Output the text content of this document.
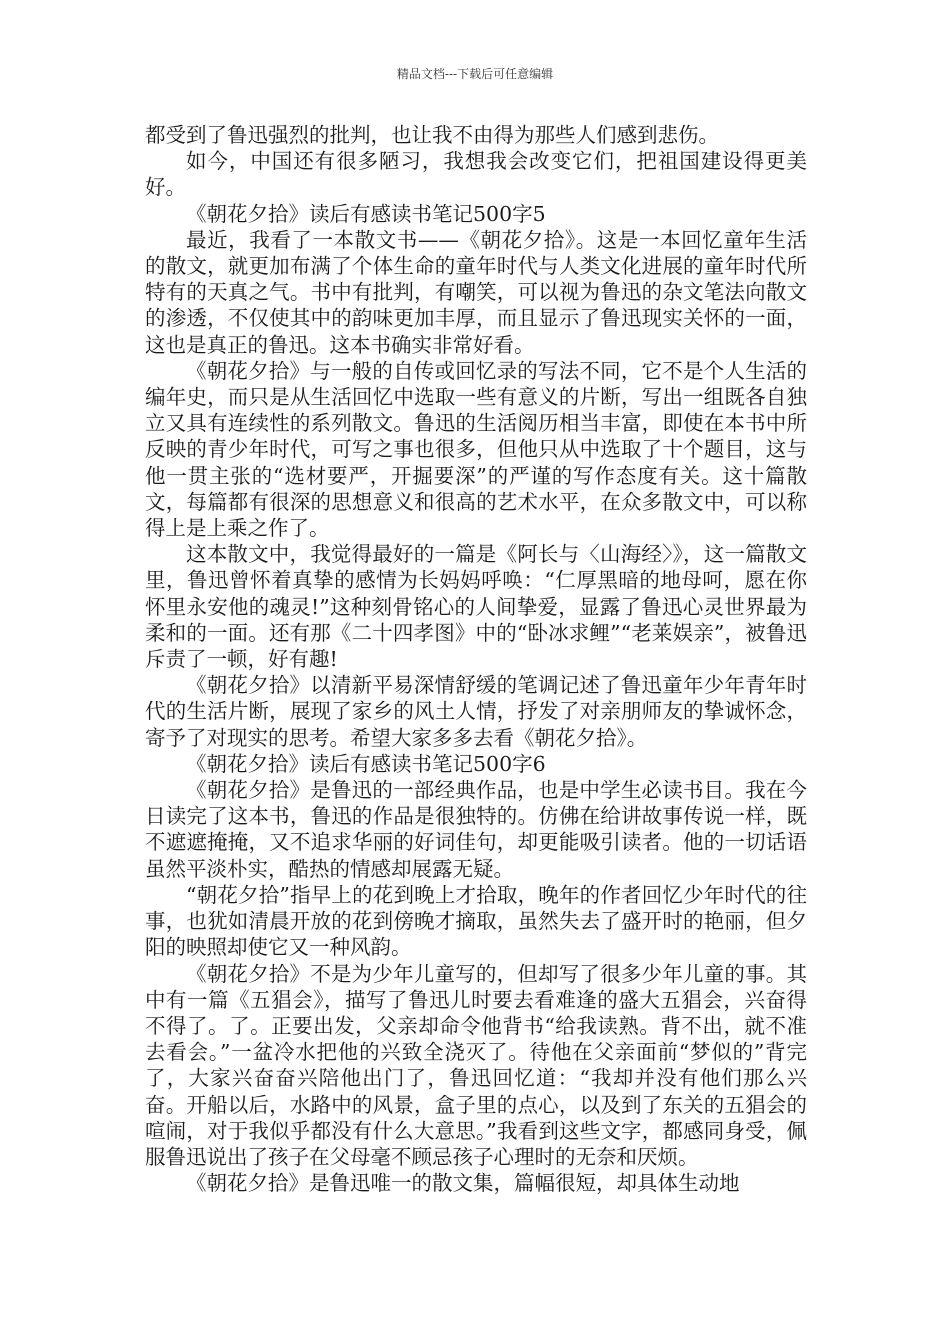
精品文档---下载后可任意编辑

都受到了鲁迅强烈的批判，也让我不由得为那些人们感到悲伤。

如今，中国还有很多陋习，我想我会改变它们，把祖国建设得更美好。

《朝花夕拾》读后有感读书笔记500字5

最近，我看了一本散文书——《朝花夕拾》。这是一本回忆童年生活的散文，就更加布满了个体生命的童年时代与人类文化进展的童年时代所特有的天真之气。书中有批判，有嘲笑，可以视为鲁迅的杂文笔法向散文的渗透，不仅使其中的韵味更加丰厚，而且显示了鲁迅现实关怀的一面，这也是真正的鲁迅。这本书确实非常好看。

《朝花夕拾》与一般的自传或回忆录的写法不同，它不是个人生活的编年史，而只是从生活回忆中选取一些有意义的片断，写出一组既各自独立又具有连续性的系列散文。鲁迅的生活阅历相当丰富，即使在本书中所反映的青少年时代，可写之事也很多，但他只从中选取了十个题目，这与他一贯主张的“选材要严，开掘要深”的严谨的写作态度有关。这十篇散文，每篇都有很深的思想意义和很高的艺术水平，在众多散文中，可以称得上是上乘之作了。

这本散文中，我觉得最好的一篇是《阿长与〈山海经〉》，这一篇散文里，鲁迅曾怀着真挚的感情为长妈妈呼唤：“仁厚黑暗的地母呵，愿在你怀里永安他的魂灵!”这种刻骨铭心的人间挚爱，显露了鲁迅心灵世界最为柔和的一面。还有那《二十四孝图》中的“卧冰求鲤”“老莱娱亲”，被鲁迅斥责了一顿，好有趣!

《朝花夕拾》以清新平易深情舒缓的笔调记述了鲁迅童年少年青年时代的生活片断，展现了家乡的风土人情，抒发了对亲朋师友的挚诚怀念，寄予了对现实的思考。希望大家多多去看《朝花夕拾》。

《朝花夕拾》读后有感读书笔记500字6

《朝花夕拾》是鲁迅的一部经典作品，也是中学生必读书目。我在今日读完了这本书，鲁迅的作品是很独特的。仿佛在给讲故事传说一样，既不遮遮掩掩，又不追求华丽的好词佳句，却更能吸引读者。他的一切话语虽然平淡朴实，酷热的情感却展露无疑。

“朝花夕拾”指早上的花到晚上才拾取，晚年的作者回忆少年时代的往事，也犹如清晨开放的花到傍晚才摘取，虽然失去了盛开时的艳丽，但夕阳的映照却使它又一种风韵。

《朝花夕拾》不是为少年儿童写的，但却写了很多少年儿童的事。其中有一篇《五猖会》，描写了鲁迅儿时要去看难逢的盛大五猖会，兴奋得不得了。了。正要出发，父亲却命令他背书“给我读熟。背不出，就不准去看会。”一盆冷水把他的兴致全浇灭了。待他在父亲面前“梦似的”背完了，大家兴奋奋兴陪他出门了，鲁迅回忆道：“我却并没有他们那么兴奋。开船以后，水路中的风景，盒子里的点心，以及到了东关的五猖会的喧闹，对于我似乎都没有什么大意思。”我看到这些文字，都感同身受，佩服鲁迅说出了孩子在父母毫不顾忌孩子心理时的无奈和厌烦。

《朝花夕拾》是鲁迅唯一的散文集，篇幅很短，却具体生动地
